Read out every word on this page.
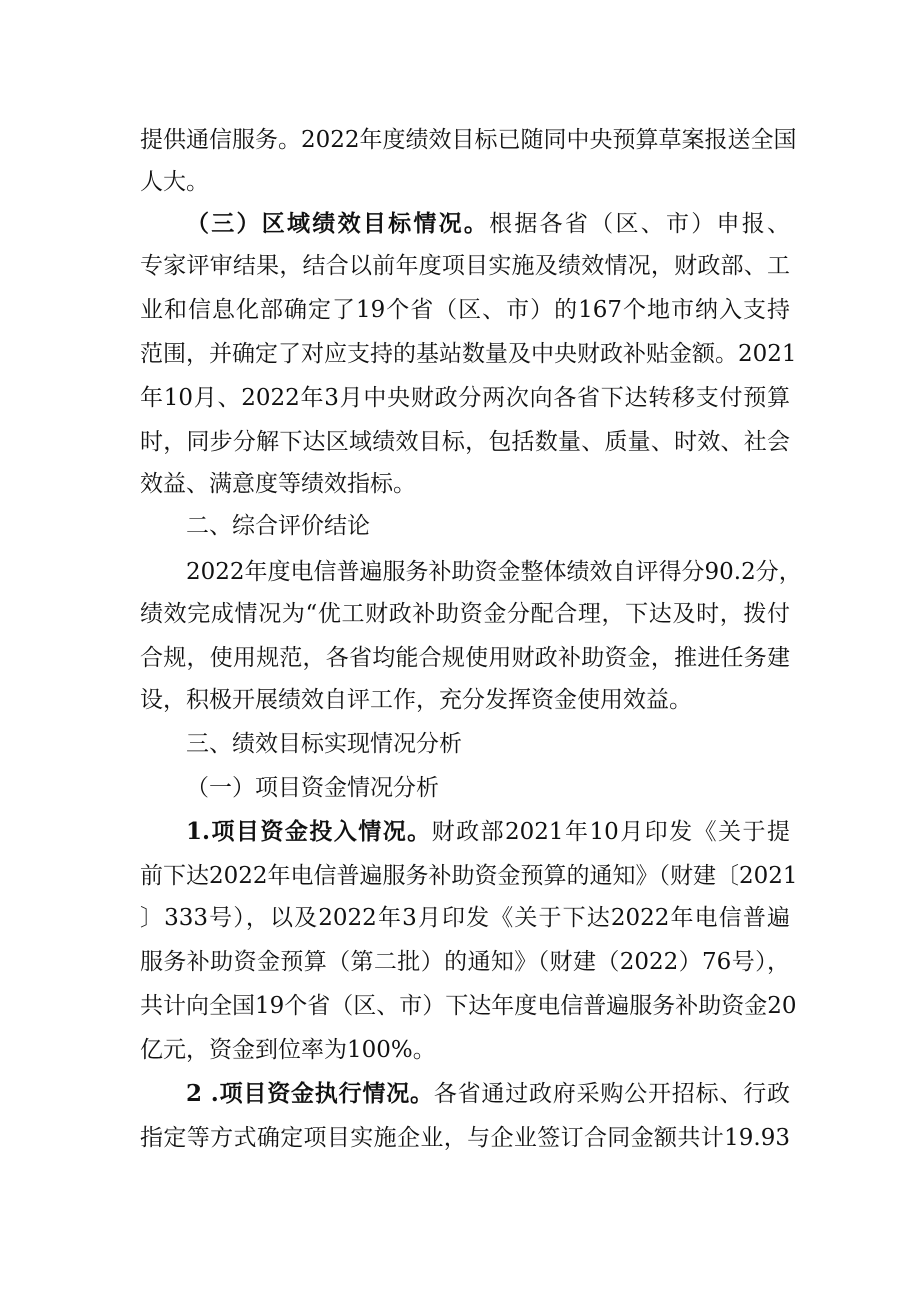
提供通信服务。2022年度绩效目标已随同中央预算草案报送全国
人大。
（三）区域绩效目标情况。根据各省（区、市）申报、
专家评审结果，结合以前年度项目实施及绩效情况，财政部、工
业和信息化部确定了19个省（区、市）的167个地市纳入支持
范围，并确定了对应支持的基站数量及中央财政补贴金额。2021
年10月、2022年3月中央财政分两次向各省下达转移支付预算
时，同步分解下达区域绩效目标，包括数量、质量、时效、社会
效益、满意度等绩效指标。
二、综合评价结论
2022年度电信普遍服务补助资金整体绩效自评得分90.2分，
绩效完成情况为“优工财政补助资金分配合理，下达及时，拨付
合规，使用规范，各省均能合规使用财政补助资金，推进任务建
设，积极开展绩效自评工作，充分发挥资金使用效益。
三、绩效目标实现情况分析
（一）项目资金情况分析
1.项目资金投入情况。财政部2021年10月印发《关于提
前下达2022年电信普遍服务补助资金预算的通知》（财建〔2021
〕333号），以及2022年3月印发《关于下达2022年电信普遍
服务补助资金预算（第二批）的通知》（财建（2022）76号），
共计向全国19个省（区、市）下达年度电信普遍服务补助资金20
亿元，资金到位率为100%。
2 .项目资金执行情况。各省通过政府采购公开招标、行政
指定等方式确定项目实施企业，与企业签订合同金额共计19.93
